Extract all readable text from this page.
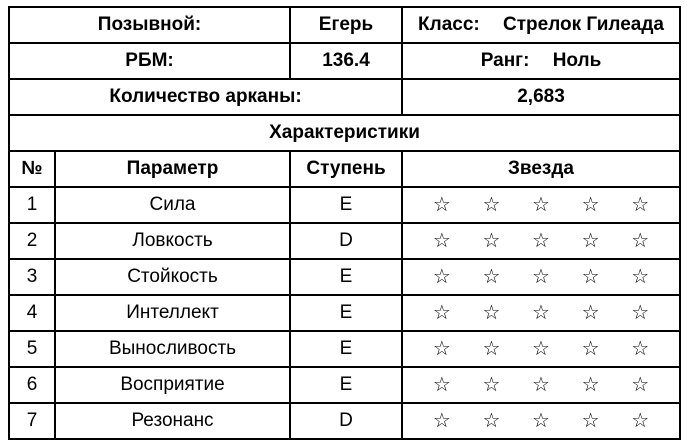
Позывной:		Егерь	Класс: Стрелок Гилеада
РБМ:		136.4	Ранг: Ноль
Количество арканы:			2,683
Характеристики			
№	Параметр	Ступень	Звезда
1	Сила	E	☆ ☆ ☆ ☆ ☆

2	Ловкость	D	☆ ☆ ☆ ☆ ☆

3	Стойкость	E	☆ ☆ ☆ ☆ ☆

4	Интеллект	E	☆ ☆ ☆ ☆ ☆

5	Выносливость	E	☆ ☆ ☆ ☆ ☆

6	Восприятие	E	☆ ☆ ☆ ☆ ☆

7	Резонанс	D	☆ ☆ ☆ ☆ ☆
